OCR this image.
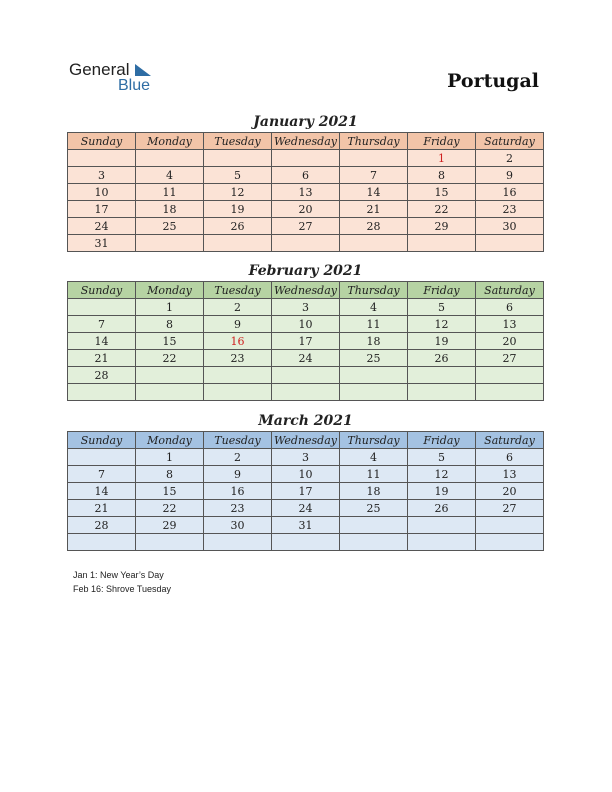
General
Blue	Portugal
January 2021
Sunday	Monday	Tuesday	Wednesday	Thursday	Friday	Saturday
					1	2
3	4	5	6	7	8	9
10	11	12	13	14	15	16
17	18	19	20	21	22	23
24	25	26	27	28	29	30
31						
February 2021
Sunday	Monday	Tuesday	Wednesday	Thursday	Friday	Saturday
	1	2	3	4	5	6
7	8	9	10	11	12	13
14	15	16	17	18	19	20
21	22	23	24	25	26	27
28						

March 2021
Sunday	Monday	Tuesday	Wednesday	Thursday	Friday	Saturday
	1	2	3	4	5	6
7	8	9	10	11	12	13
14	15	16	17	18	19	20
21	22	23	24	25	26	27
28	29	30	31			

Jan 1: New Year’s Day
Feb 16: Shrove Tuesday
